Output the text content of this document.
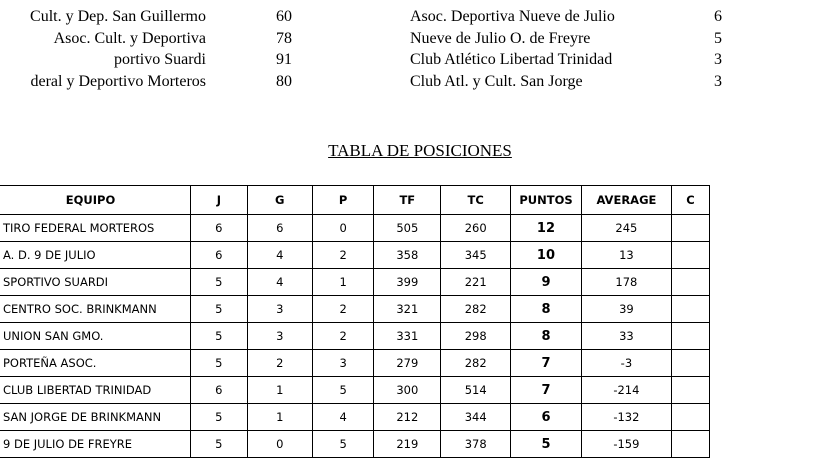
Cult. y Dep. San Guillermo	60
Asoc. Cult. y Deportiva	78
portivo Suardi	91
deral y Deportivo Morteros	80
Asoc. Deportiva Nueve de Julio	6
Nueve de Julio O. de Freyre	5
Club Atlético Libertad Trinidad	3
Club Atl. y Cult. San Jorge	3
TABLA DE POSICIONES
EQUIPO	J	G	P	TF	TC	PUNTOS	AVERAGE	C
TIRO FEDERAL MORTEROS	6	6	0	505	260	12	245	
A. D. 9 DE JULIO	6	4	2	358	345	10	13	
SPORTIVO SUARDI	5	4	1	399	221	9	178	
CENTRO SOC. BRINKMANN	5	3	2	321	282	8	39	
UNION SAN GMO.	5	3	2	331	298	8	33	
PORTEÑA ASOC.	5	2	3	279	282	7	-3	
CLUB LIBERTAD TRINIDAD	6	1	5	300	514	7	-214	
SAN JORGE DE BRINKMANN	5	1	4	212	344	6	-132	
9 DE JULIO DE FREYRE	5	0	5	219	378	5	-159	
